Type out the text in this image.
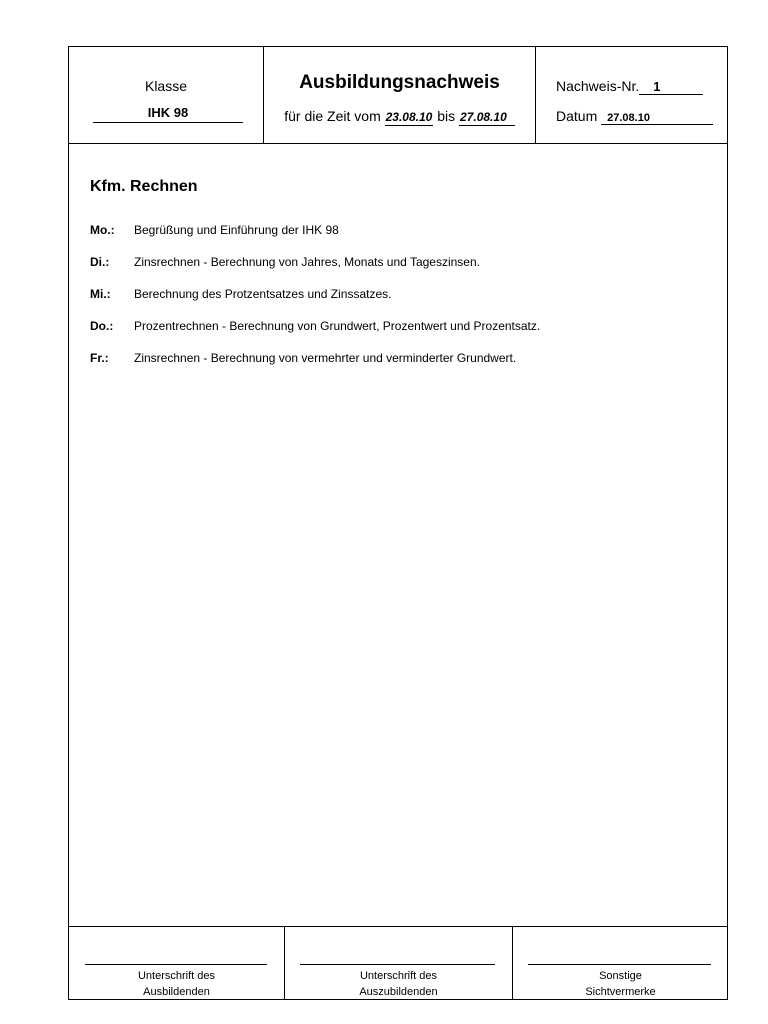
Klasse
IHK 98
Ausbildungsnachweis
für die Zeit vom 23.08.10 bis 27.08.10
Nachweis-Nr. 1
Datum 27.08.10
Kfm. Rechnen
Mo.: Begrüßung und Einführung der IHK 98
Di.: Zinsrechnen - Berechnung von Jahres, Monats und Tageszinsen.
Mi.: Berechnung des Protzentsatzes und Zinssatzes.
Do.: Prozentrechnen - Berechnung von Grundwert, Prozentwert und Prozentsatz.
Fr.: Zinsrechnen - Berechnung von vermehrter und verminderter Grundwert.
Unterschrift des
Ausbildenden
Unterschrift des
Auszubildenden
Sonstige
Sichtvermerke
